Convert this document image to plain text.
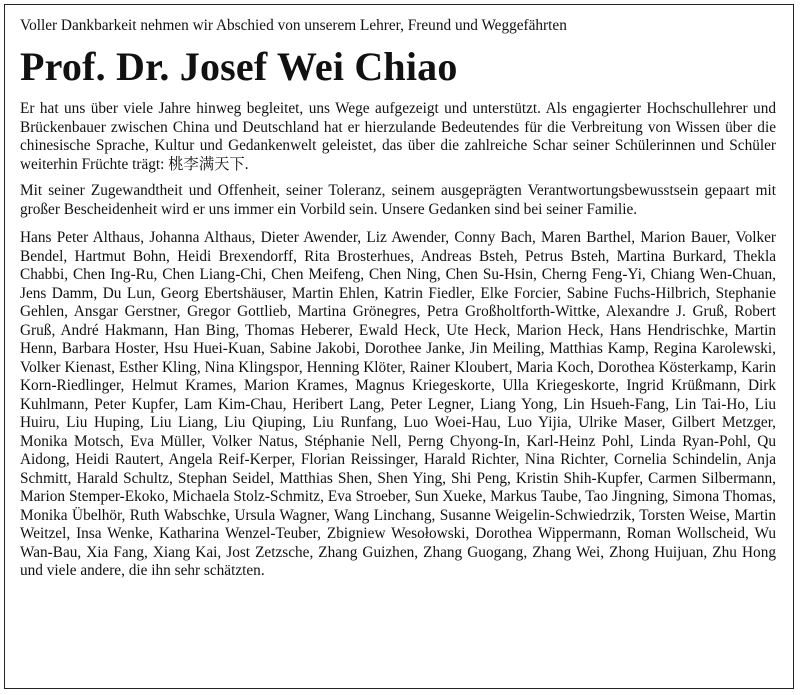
Voller Dankbarkeit nehmen wir Abschied von unserem Lehrer, Freund und Weggefährten

Prof. Dr. Josef Wei Chiao

Er hat uns über viele Jahre hinweg begleitet, uns Wege aufgezeigt und unterstützt. Als engagierter Hochschullehrer und Brückenbauer zwischen China und Deutschland hat er hierzulande Bedeutendes für die Verbreitung von Wissen über die chinesische Sprache, Kultur und Gedankenwelt geleistet, das über die zahlreiche Schar seiner Schülerinnen und Schüler weiterhin Früchte trägt: 桃李满天下.

Mit seiner Zugewandtheit und Offenheit, seiner Toleranz, seinem ausgeprägten Verantwortungsbewusstsein gepaart mit großer Bescheidenheit wird er uns immer ein Vorbild sein. Unsere Gedanken sind bei seiner Familie.

Hans Peter Althaus, Johanna Althaus, Dieter Awender, Liz Awender, Conny Bach, Maren Barthel, Marion Bauer, Volker Bendel, Hartmut Bohn, Heidi Brexendorff, Rita Brosterhues, Andreas Bsteh, Petrus Bsteh, Martina Burkard, Thekla Chabbi, Chen Ing-Ru, Chen Liang-Chi, Chen Meifeng, Chen Ning, Chen Su-Hsin, Cherng Feng-Yi, Chiang Wen-Chuan, Jens Damm, Du Lun, Georg Ebertshäuser, Martin Ehlen, Katrin Fiedler, Elke Forcier, Sabine Fuchs-Hilbrich, Stephanie Gehlen, Ansgar Gerstner, Gregor Gottlieb, Martina Grönegres, Petra Großholtforth-Wittke, Alexandre J. Gruß, Robert Gruß, André Hakmann, Han Bing, Thomas Heberer, Ewald Heck, Ute Heck, Marion Heck, Hans Hendrischke, Martin Henn, Barbara Hoster, Hsu Huei-Kuan, Sabine Jakobi, Dorothee Janke, Jin Meiling, Matthias Kamp, Regina Karolewski, Volker Kienast, Esther Kling, Nina Klingspor, Henning Klöter, Rainer Kloubert, Maria Koch, Dorothea Kösterkamp, Karin Korn-Riedlinger, Helmut Krames, Marion Krames, Magnus Kriegeskorte, Ulla Kriegeskorte, Ingrid Krüßmann, Dirk Kuhlmann, Peter Kupfer, Lam Kim-Chau, Heribert Lang, Peter Legner, Liang Yong, Lin Hsueh-Fang, Lin Tai-Ho, Liu Huiru, Liu Huping, Liu Liang, Liu Qiuping, Liu Runfang, Luo Woei-Hau, Luo Yijia, Ulrike Maser, Gilbert Metzger, Monika Motsch, Eva Müller, Volker Natus, Stéphanie Nell, Perng Chyong-In, Karl-Heinz Pohl, Linda Ryan-Pohl, Qu Aidong, Heidi Rautert, Angela Reif-Kerper, Florian Reissinger, Harald Richter, Nina Richter, Cornelia Schindelin, Anja Schmitt, Harald Schultz, Stephan Seidel, Matthias Shen, Shen Ying, Shi Peng, Kristin Shih-Kupfer, Carmen Silbermann, Marion Stemper-Ekoko, Michaela Stolz-Schmitz, Eva Stroeber, Sun Xueke, Markus Taube, Tao Jingning, Simona Thomas, Monika Übelhör, Ruth Wabschke, Ursula Wagner, Wang Linchang, Susanne Weigelin-Schwiedrzik, Torsten Weise, Martin Weitzel, Insa Wenke, Katharina Wenzel-Teuber, Zbigniew Wesołowski, Dorothea Wippermann, Roman Wollscheid, Wu Wan-Bau, Xia Fang, Xiang Kai, Jost Zetzsche, Zhang Guizhen, Zhang Guogang, Zhang Wei, Zhong Huijuan, Zhu Hong und viele andere, die ihn sehr schätzten.
